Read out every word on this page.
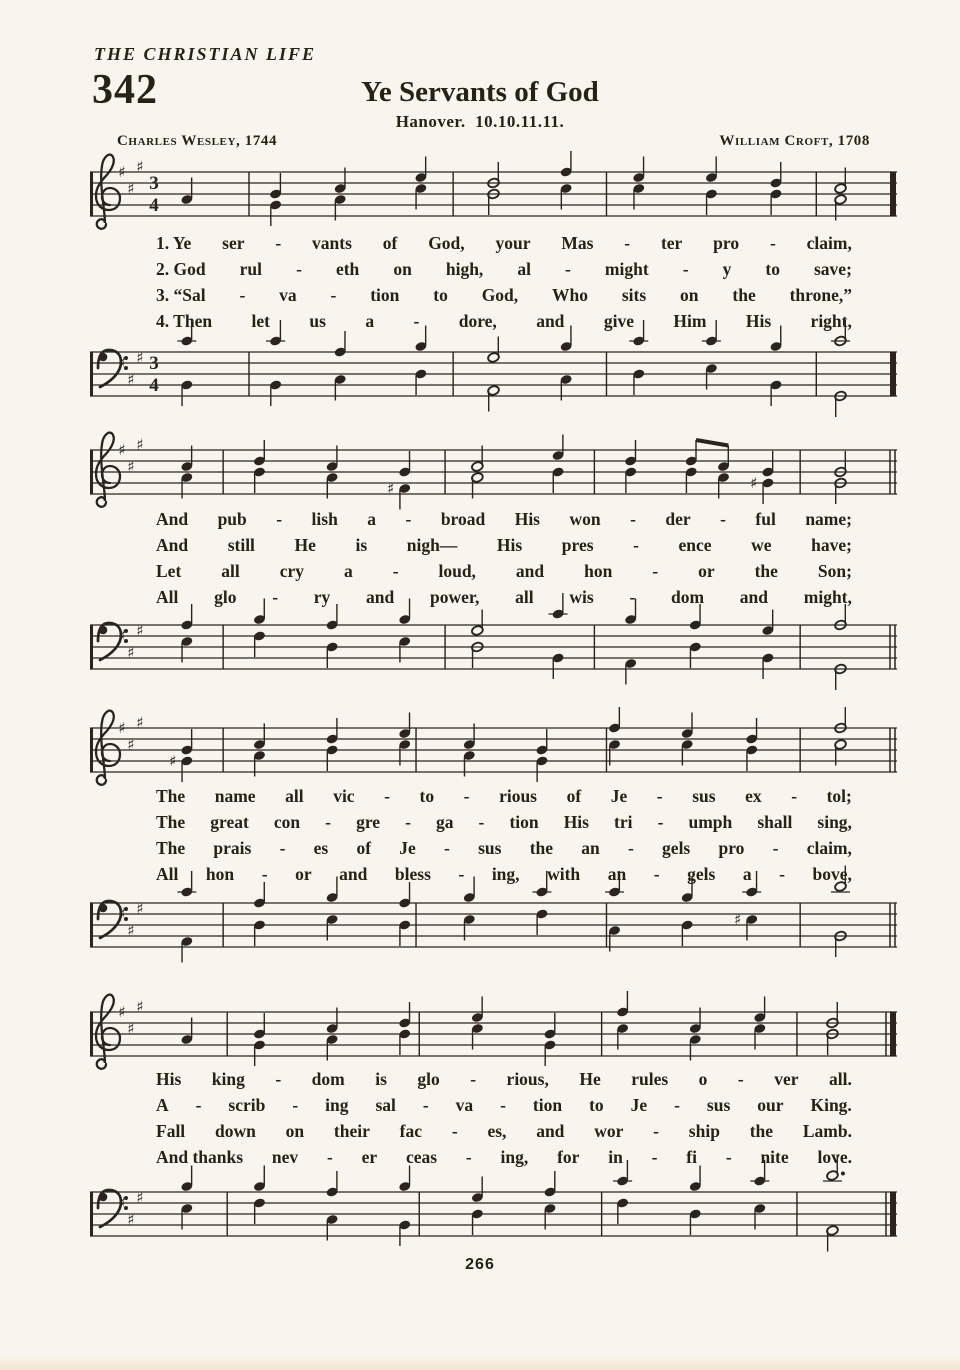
THE CHRISTIAN LIFE
342	Ye Servants of God
Hanover.  10.10.11.11.
Charles Wesley, 1744	William Croft, 1708
♯
♯
♯
3
4
1. Ye ser - vants of God, your Mas - ter pro - claim,
2. God rul - eth on high, al - might - y to save;
3. “Sal - va - tion to God, Who sits on the throne,”
4. Then let us a - dore, and give Him His right,
♯
♯
♯ 3
4
♯
♯
♯
♯	♯
And pub - lish a - broad His won - der - ful name;
And still He is nigh— His pres - ence we have;
Let all cry a - loud, and hon - or the Son;
All glo - ry and power, all wis - dom and might,
♯
♯
♯
♯
♯
♯
♯
The name all vic - to - rious of Je - sus ex - tol;
The great con - gre - ga - tion His tri - umph shall sing,
The prais - es of Je - sus the an - gels pro - claim,
All hon - or and bless - ing, with an - gels a - bove,
♯
♯
♯
♯
♯
♯
♯
His king - dom is glo - rious, He rules o - ver all.
A - scrib - ing sal - va - tion to Je - sus our King.
Fall down on their fac - es, and wor - ship the Lamb.
And thanks nev - er ceas - ing, for in - fi - nite love.
♯
♯
♯
266
